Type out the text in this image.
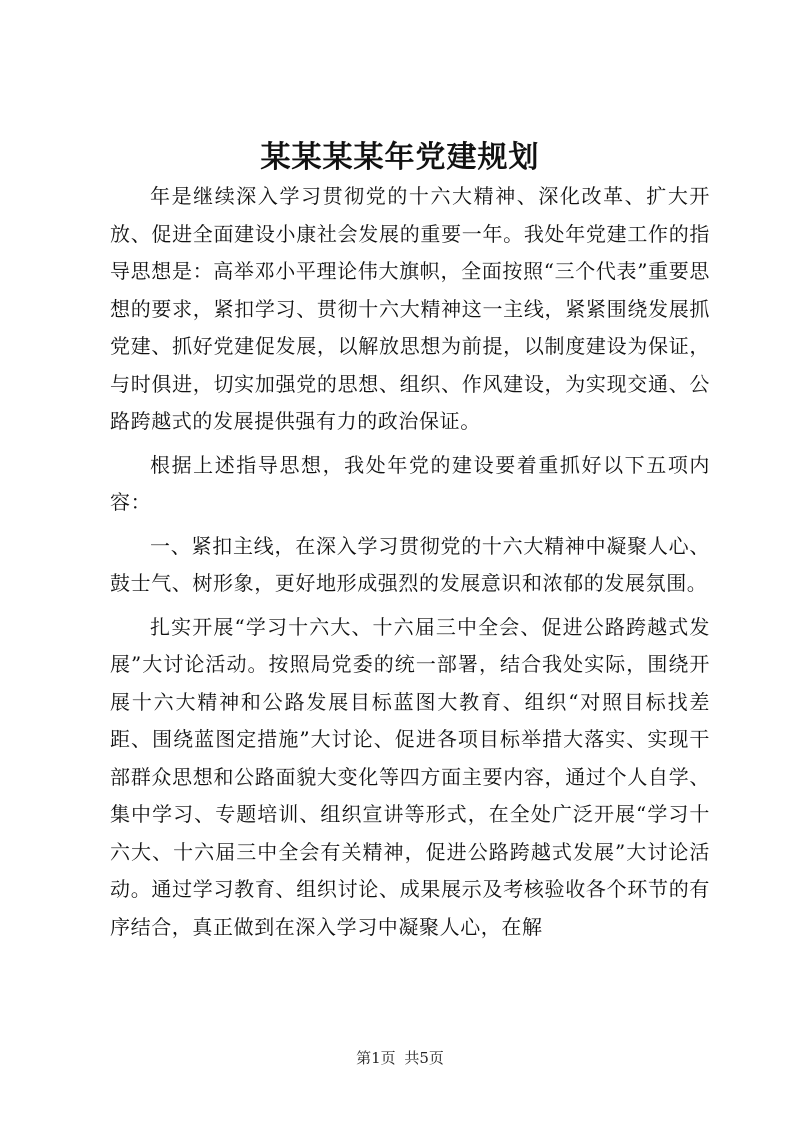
某某某某年党建规划

年是继续深入学习贯彻党的十六大精神、深化改革、扩大开放、促进全面建设小康社会发展的重要一年。我处年党建工作的指导思想是：高举邓小平理论伟大旗帜，全面按照“三个代表”重要思想的要求，紧扣学习、贯彻十六大精神这一主线，紧紧围绕发展抓党建、抓好党建促发展，以解放思想为前提，以制度建设为保证，与时俱进，切实加强党的思想、组织、作风建设，为实现交通、公路跨越式的发展提供强有力的政治保证。

根据上述指导思想，我处年党的建设要着重抓好以下五项内容：

一、紧扣主线，在深入学习贯彻党的十六大精神中凝聚人心、鼓士气、树形象，更好地形成强烈的发展意识和浓郁的发展氛围。

扎实开展“学习十六大、十六届三中全会、促进公路跨越式发展”大讨论活动。按照局党委的统一部署，结合我处实际，围绕开展十六大精神和公路发展目标蓝图大教育、组织“对照目标找差距、围绕蓝图定措施”大讨论、促进各项目标举措大落实、实现干部群众思想和公路面貌大变化等四方面主要内容，通过个人自学、集中学习、专题培训、组织宣讲等形式，在全处广泛开展“学习十六大、十六届三中全会有关精神，促进公路跨越式发展”大讨论活动。通过学习教育、组织讨论、成果展示及考核验收各个环节的有序结合，真正做到在深入学习中凝聚人心，在解

第1页 共5页
